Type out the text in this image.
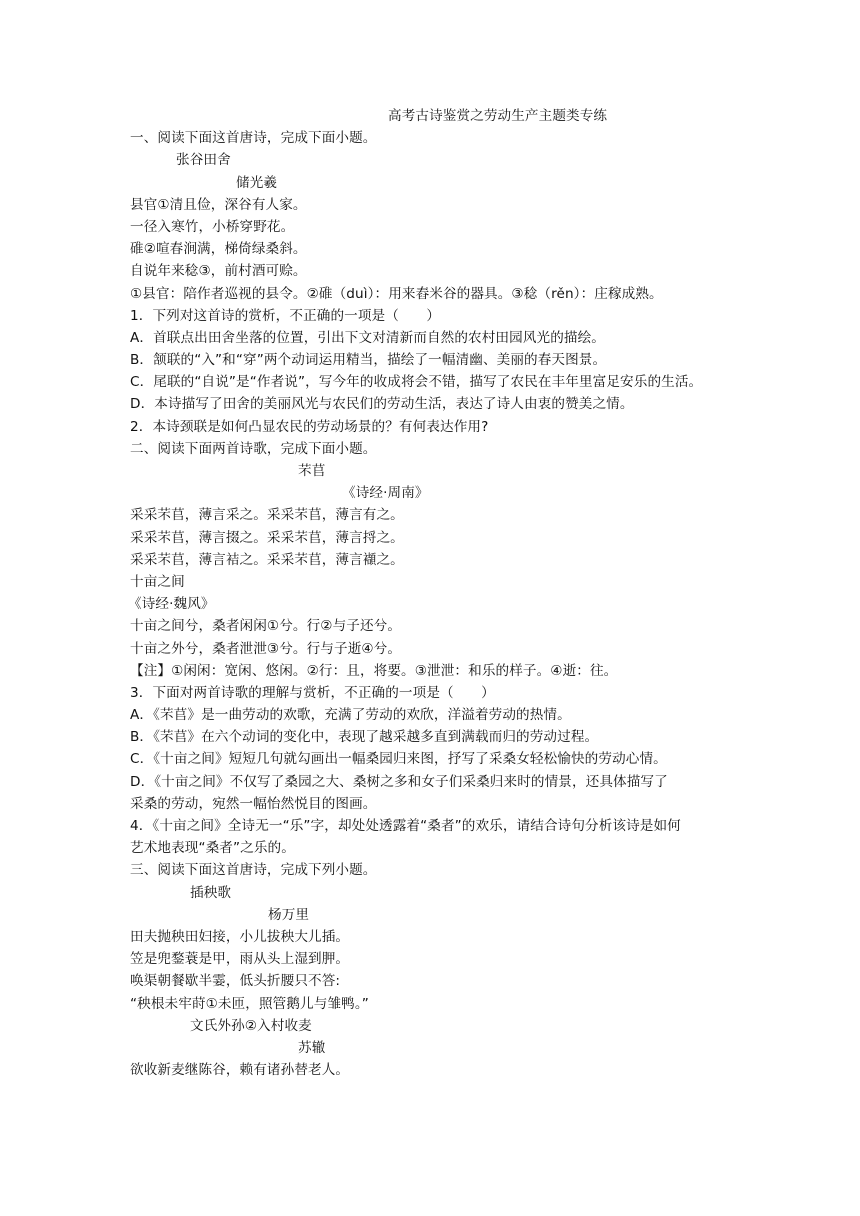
高考古诗鉴赏之劳动生产主题类专练
一、阅读下面这首唐诗，完成下面小题。
张谷田舍
储光羲
县官①清且俭，深谷有人家。
一径入寒竹，小桥穿野花。
碓②喧春涧满，梯倚绿桑斜。
自说年来稔③，前村酒可赊。
①县官：陪作者巡视的县令。②碓（duì）：用来舂米谷的器具。③稔（rěn）：庄稼成熟。
1．下列对这首诗的赏析，不正确的一项是（　　）
A．首联点出田舍坐落的位置，引出下文对清新而自然的农村田园风光的描绘。
B．颔联的“入”和“穿”两个动词运用精当，描绘了一幅清幽、美丽的春天图景。
C．尾联的“自说”是“作者说”，写今年的收成将会不错，描写了农民在丰年里富足安乐的生活。
D．本诗描写了田舍的美丽风光与农民们的劳动生活，表达了诗人由衷的赞美之情。
2．本诗颈联是如何凸显农民的劳动场景的？有何表达作用?
二、阅读下面两首诗歌，完成下面小题。
芣苢
《诗经·周南》
采采芣苢，薄言采之。采采芣苢，薄言有之。
采采芣苢，薄言掇之。采采芣苢，薄言捋之。
采采芣苢，薄言袺之。采采芣苢，薄言襭之。
十亩之间
《诗经·魏风》
十亩之间兮，桑者闲闲①兮。行②与子还兮。
十亩之外兮，桑者泄泄③兮。行与子逝④兮。
【注】①闲闲：宽闲、悠闲。②行：且，将要。③泄泄：和乐的样子。④逝：往。
3．下面对两首诗歌的理解与赏析，不正确的一项是（　　）
A．《芣苢》是一曲劳动的欢歌，充满了劳动的欢欣，洋溢着劳动的热情。
B．《芣苢》在六个动词的变化中，表现了越采越多直到满载而归的劳动过程。
C．《十亩之间》短短几句就勾画出一幅桑园归来图，抒写了采桑女轻松愉快的劳动心情。
D．《十亩之间》不仅写了桑园之大、桑树之多和女子们采桑归来时的情景，还具体描写了
采桑的劳动，宛然一幅怡然悦目的图画。
4．《十亩之间》全诗无一“乐”字，却处处透露着“桑者”的欢乐，请结合诗句分析该诗是如何
艺术地表现“桑者”之乐的。
三、阅读下面这首唐诗，完成下列小题。
插秧歌
杨万里
田夫抛秧田妇接，小儿拔秧大儿插。
笠是兜鍪蓑是甲，雨从头上湿到胛。
唤渠朝餐歇半霎，低头折腰只不答:
“秧根未牢莳①未匝，照管鹅儿与雏鸭。”
文氏外孙②入村收麦
苏辙
欲收新麦继陈谷，赖有诸孙替老人。
